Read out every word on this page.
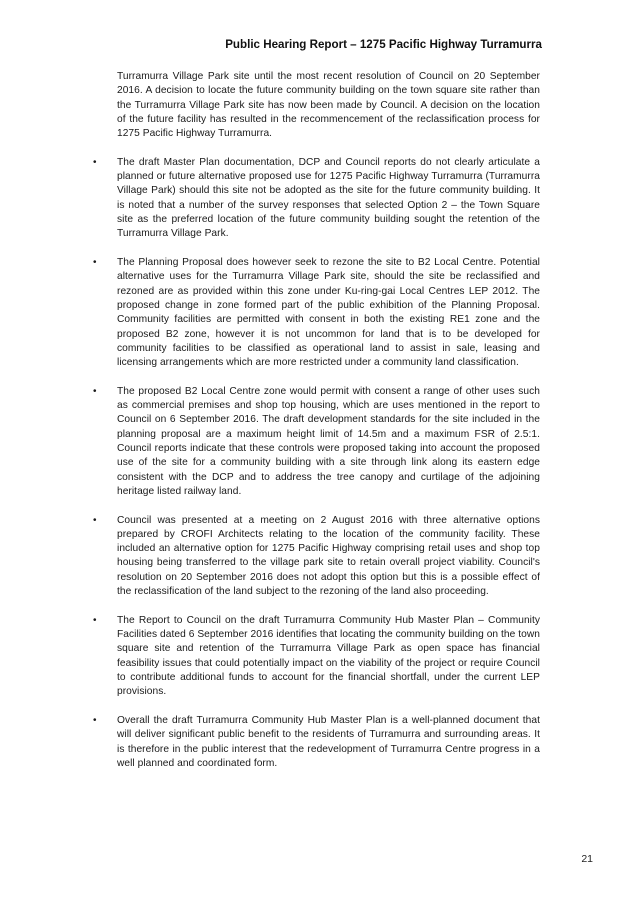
Public Hearing Report – 1275 Pacific Highway Turramurra

Turramurra Village Park site until the most recent resolution of Council on 20 September 2016. A decision to locate the future community building on the town square site rather than the Turramurra Village Park site has now been made by Council. A decision on the location of the future facility has resulted in the recommencement of the reclassification process for 1275 Pacific Highway Turramurra.

• The draft Master Plan documentation, DCP and Council reports do not clearly articulate a planned or future alternative proposed use for 1275 Pacific Highway Turramurra (Turramurra Village Park) should this site not be adopted as the site for the future community building. It is noted that a number of the survey responses that selected Option 2 – the Town Square site as the preferred location of the future community building sought the retention of the Turramurra Village Park.

• The Planning Proposal does however seek to rezone the site to B2 Local Centre. Potential alternative uses for the Turramurra Village Park site, should the site be reclassified and rezoned are as provided within this zone under Ku-ring-gai Local Centres LEP 2012. The proposed change in zone formed part of the public exhibition of the Planning Proposal. Community facilities are permitted with consent in both the existing RE1 zone and the proposed B2 zone, however it is not uncommon for land that is to be developed for community facilities to be classified as operational land to assist in sale, leasing and licensing arrangements which are more restricted under a community land classification.

• The proposed B2 Local Centre zone would permit with consent a range of other uses such as commercial premises and shop top housing, which are uses mentioned in the report to Council on 6 September 2016. The draft development standards for the site included in the planning proposal are a maximum height limit of 14.5m and a maximum FSR of 2.5:1. Council reports indicate that these controls were proposed taking into account the proposed use of the site for a community building with a site through link along its eastern edge consistent with the DCP and to address the tree canopy and curtilage of the adjoining heritage listed railway land.

• Council was presented at a meeting on 2 August 2016 with three alternative options prepared by CROFI Architects relating to the location of the community facility. These included an alternative option for 1275 Pacific Highway comprising retail uses and shop top housing being transferred to the village park site to retain overall project viability. Council's resolution on 20 September 2016 does not adopt this option but this is a possible effect of the reclassification of the land subject to the rezoning of the land also proceeding.

• The Report to Council on the draft Turramurra Community Hub Master Plan – Community Facilities dated 6 September 2016 identifies that locating the community building on the town square site and retention of the Turramurra Village Park as open space has financial feasibility issues that could potentially impact on the viability of the project or require Council to contribute additional funds to account for the financial shortfall, under the current LEP provisions.

• Overall the draft Turramurra Community Hub Master Plan is a well-planned document that will deliver significant public benefit to the residents of Turramurra and surrounding areas. It is therefore in the public interest that the redevelopment of Turramurra Centre progress in a well planned and coordinated form.

21
